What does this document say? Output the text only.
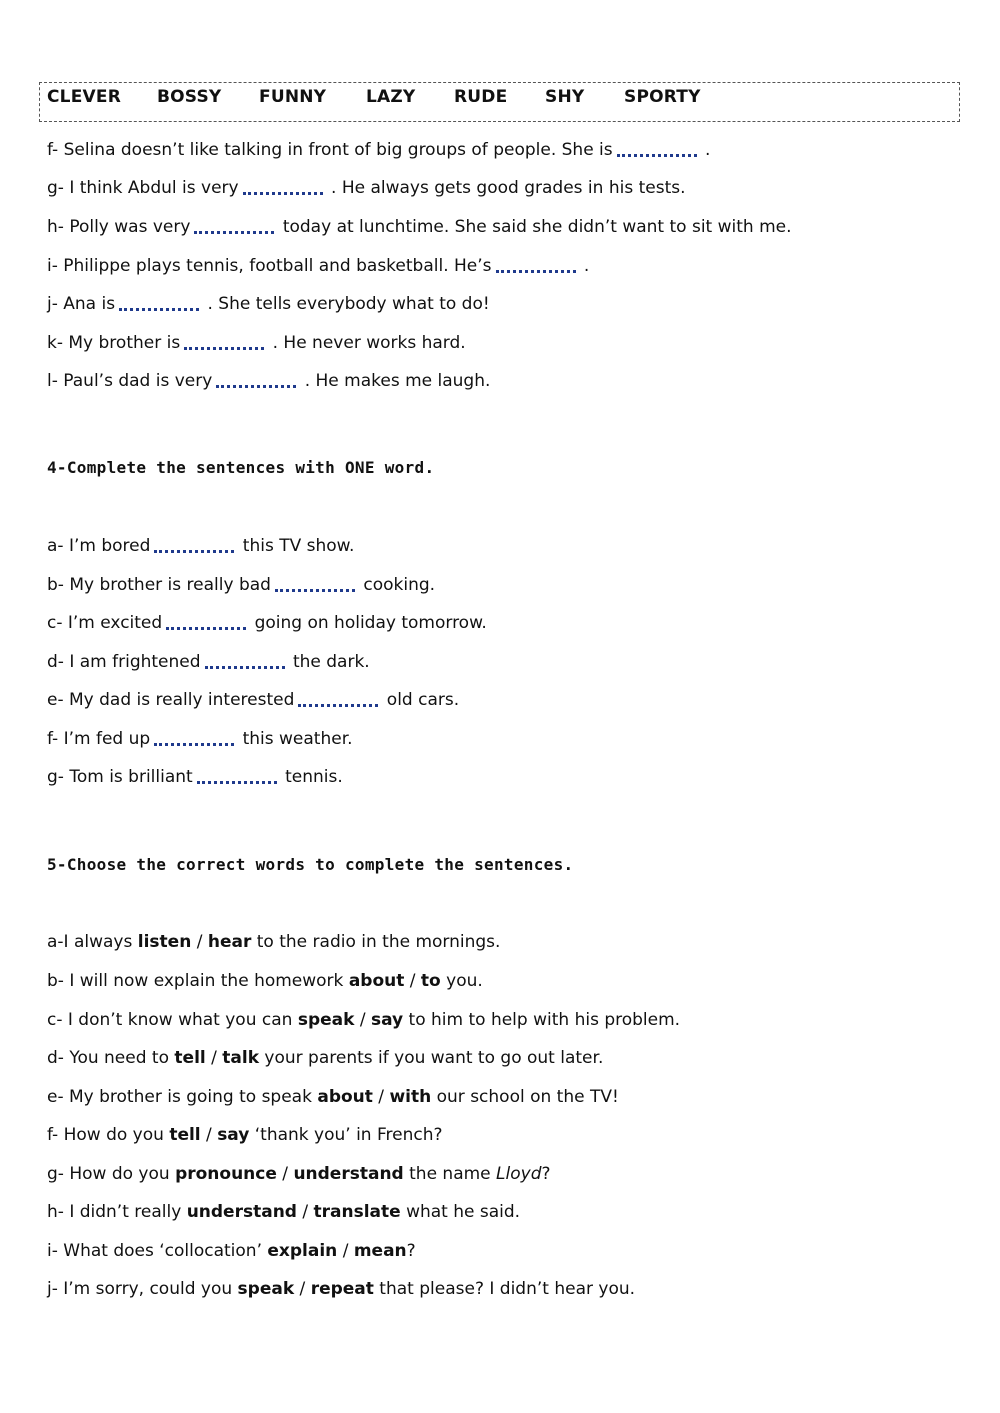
CLEVER BOSSY FUNNY LAZY RUDE SHY SPORTY
f- Selina doesn’t like talking in front of big groups of people. She is	.
g- I think Abdul is very	. He always gets good grades in his tests.
h- Polly was very	today at lunchtime. She said she didn’t want to sit with me.
i- Philippe plays tennis, football and basketball. He’s	.
j- Ana is	. She tells everybody what to do!
k- My brother is	. He never works hard.
l- Paul’s dad is very	. He makes me laugh.
4-Complete the sentences with ONE word.
a- I’m bored	this TV show.
b- My brother is really bad	cooking.
c- I’m excited	going on holiday tomorrow.
d- I am frightened	the dark.
e- My dad is really interested	old cars.
f- I’m fed up	this weather.
g- Tom is brilliant	tennis.
5-Choose the correct words to complete the sentences.
a-I always listen / hear to the radio in the mornings.
b- I will now explain the homework about / to you.
c- I don’t know what you can speak / say to him to help with his problem.
d- You need to tell / talk your parents if you want to go out later.
e- My brother is going to speak about / with our school on the TV!
f- How do you tell / say ‘thank you’ in French?
g- How do you pronounce / understand the name Lloyd?
h- I didn’t really understand / translate what he said.
i- What does ‘collocation’ explain / mean?
j- I’m sorry, could you speak / repeat that please? I didn’t hear you.
